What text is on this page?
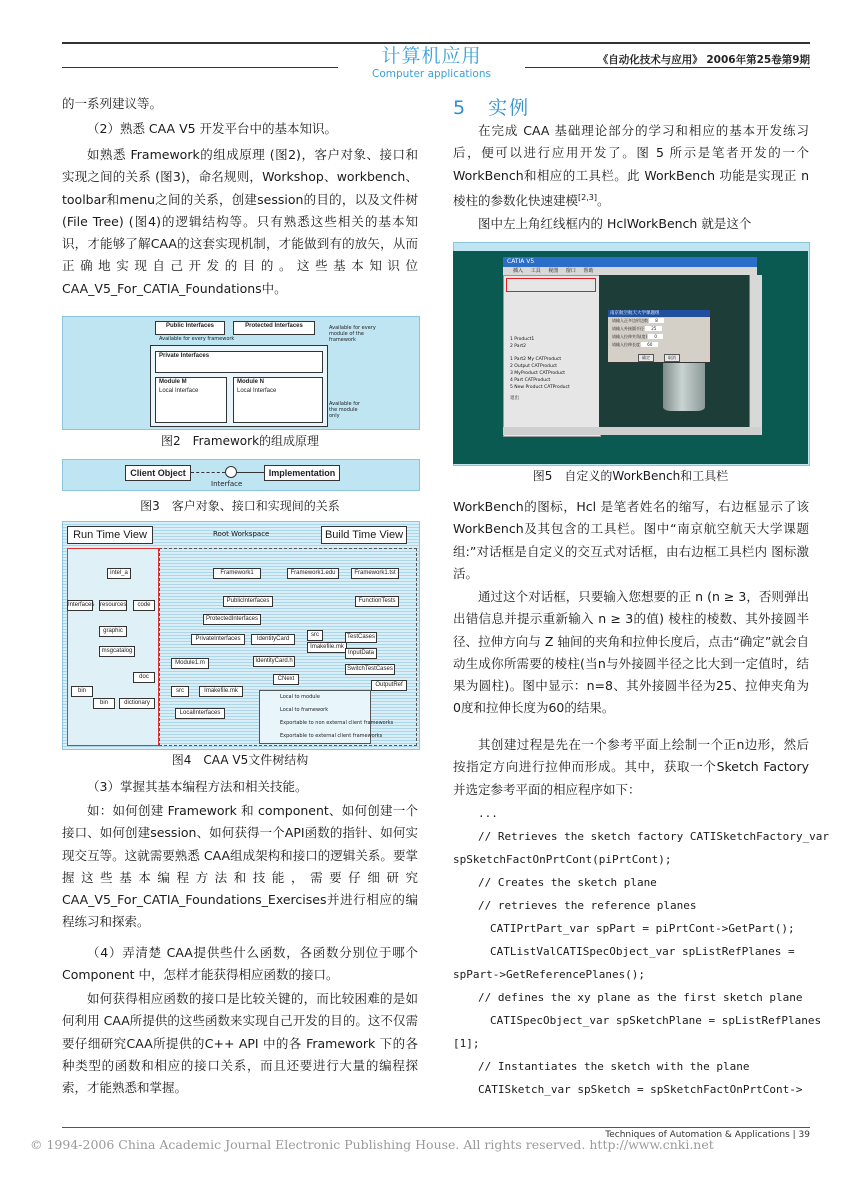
计算机应用
Computer applications
《自动化技术与应用》 2006年第25卷第9期
的一系列建议等。
（2）熟悉 CAA V5 开发平台中的基本知识。
如熟悉 Framework的组成原理 (图2)，客户对象、接口和实现之间的关系 (图3)，命名规则，Workshop、workbench、toolbar和menu之间的关系，创建session的目的，以及文件树 (File Tree) (图4)的逻辑结构等。只有熟悉这些相关的基本知识，才能够了解CAA的这套实现机制，才能做到有的放矢，从而正确地实现自己开发的目的。这些基本知识位CAA_V5_For_CATIA_Foundations中。
Public Interfaces	Protected Interfaces
Available for every framework
Available for every module of the framework
Private Interfaces
Module M
Local Interface
Module N
Local Interface
Available for the module only
图2　Framework的组成原理
Client Object
Interface
Implementation
图3　客户对象、接口和实现间的关系
Run Time View	Build Time View
Root Workspace
intel_a
Interfaces resources	code
graphic
msgcatalog
doc
bin
dictionary
bin
Framework1	Framework1.edu	Framework1.tst
PublicInterfaces
ProtectedInterfaces
PrivateInterfaces
Module1.m
src
LocalInterfaces
Imakefile.mk
IdentityCard
IdentityCard.h
src
Imakefile.mk
FunctionTests
TestCases
InputData
SwitchTestCases
OutputRef
CNext
Local to module
Local to framework
Exportable to non external client frameworks
Exportable to external client frameworks
图4　CAA V5文件树结构
（3）掌握其基本编程方法和相关技能。
如：如何创建 Framework 和 component、如何创建一个接口、如何创建session、如何获得一个API函数的指针、如何实现交互等。这就需要熟悉 CAA组成架构和接口的逻辑关系。要掌握这些基本编程方法和技能，需要仔细研究CAA_V5_For_CATIA_Foundations_Exercises并进行相应的编程练习和探索。
（4）弄清楚 CAA提供些什么函数，各函数分别位于哪个Component 中，怎样才能获得相应函数的接口。
如何获得相应函数的接口是比较关键的，而比较困难的是如何利用 CAA所提供的这些函数来实现自己开发的目的。这不仅需要仔细研究CAA所提供的C++ API 中的各 Framework 下的各种类型的函数和相应的接口关系，而且还要进行大量的编程探索，才能熟悉和掌握。
5　实例
在完成 CAA 基础理论部分的学习和相应的基本开发练习后，便可以进行应用开发了。图 5 所示是笔者开发的一个 WorkBench和相应的工具栏。此 WorkBench 功能是实现正 n 棱柱的参数化快速建模[2,3]。
图中左上角红线框内的 HclWorkBench 就是这个
CATIA V5
插入 工具 视图 窗口 帮助
1 Product1
2 Part2
1 Part2 My CATProduct
2 Output CATProduct
3 MyProduct CATProduct
4 Part CATProduct
5 New Product CATProduct
退出
南京航空航天大学课题组
请输入正多边形边数 8
请输入外接圆半径 25
请输入拉伸夹角(度) 0
请输入拉伸长度 60
确定	取消
图5　自定义的WorkBench和工具栏
WorkBench的图标，Hcl 是笔者姓名的缩写，右边框显示了该WorkBench及其包含的工具栏。图中“南京航空航天大学课题组:”对话框是自定义的交互式对话框，由右边框工具栏内 图标激活。
通过这个对话框，只要输入您想要的正 n (n ≥ 3，否则弹出出错信息并提示重新输入 n ≥ 3的值) 棱柱的棱数、其外接圆半径、拉伸方向与 Z 轴间的夹角和拉伸长度后，点击“确定”就会自动生成你所需要的棱柱(当n与外接圆半径之比大到一定值时，结果为圆柱)。图中显示：n=8、其外接圆半径为25、拉伸夹角为 0度和拉伸长度为60的结果。
其创建过程是先在一个参考平面上绘制一个正n边形，然后按指定方向进行拉伸而形成。其中，获取一个Sketch Factory 并选定参考平面的相应程序如下：
...
// Retrieves the sketch factory CATISketchFactory_var
spSketchFactOnPrtCont(piPrtCont);
// Creates the sketch plane
// retrieves the reference planes
CATIPrtPart_var spPart = piPrtCont->GetPart();
CATListValCATISpecObject_var spListRefPlanes =
spPart->GetReferencePlanes();
// defines the xy plane as the first sketch plane
CATISpecObject_var spSketchPlane = spListRefPlanes
[1];
// Instantiates the sketch with the plane
CATISketch_var spSketch = spSketchFactOnPrtCont->
Techniques of Automation & Applications | 39
© 1994-2006 China Academic Journal Electronic Publishing House. All rights reserved. http://www.cnki.net
